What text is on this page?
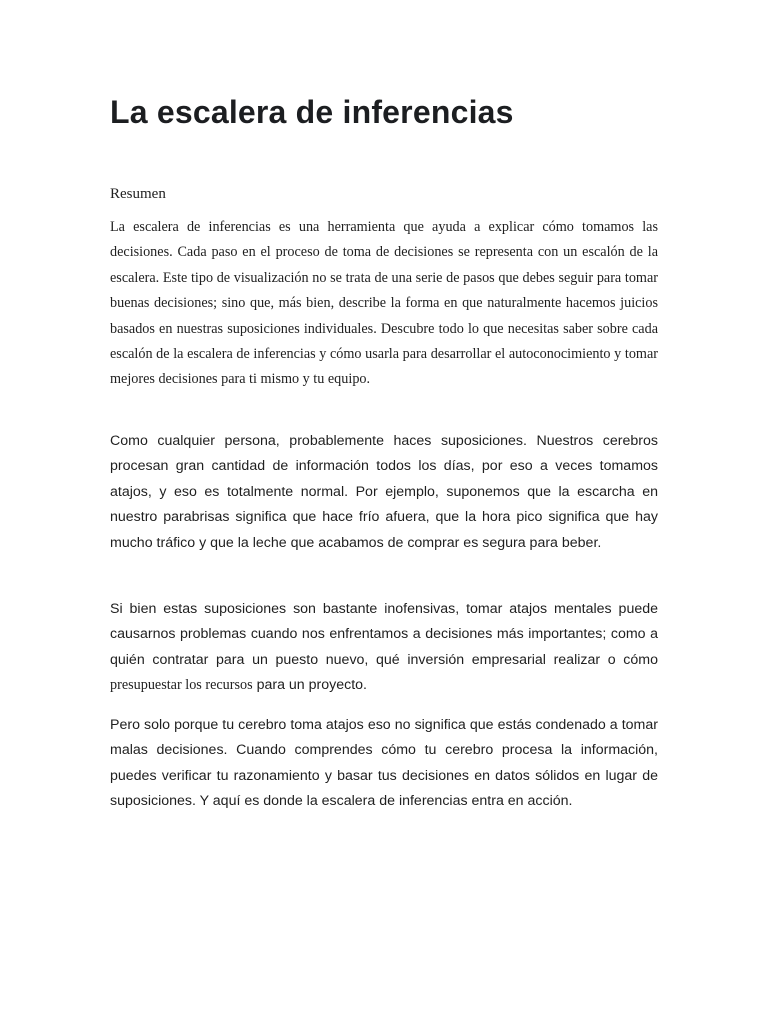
La escalera de inferencias

Resumen

La escalera de inferencias es una herramienta que ayuda a explicar cómo tomamos las decisiones. Cada paso en el proceso de toma de decisiones se representa con un escalón de la escalera. Este tipo de visualización no se trata de una serie de pasos que debes seguir para tomar buenas decisiones; sino que, más bien, describe la forma en que naturalmente hacemos juicios basados en nuestras suposiciones individuales. Descubre todo lo que necesitas saber sobre cada escalón de la escalera de inferencias y cómo usarla para desarrollar el autoconocimiento y tomar mejores decisiones para ti mismo y tu equipo.

Como cualquier persona, probablemente haces suposiciones. Nuestros cerebros procesan gran cantidad de información todos los días, por eso a veces tomamos atajos, y eso es totalmente normal. Por ejemplo, suponemos que la escarcha en nuestro parabrisas significa que hace frío afuera, que la hora pico significa que hay mucho tráfico y que la leche que acabamos de comprar es segura para beber.

Si bien estas suposiciones son bastante inofensivas, tomar atajos mentales puede causarnos problemas cuando nos enfrentamos a decisiones más importantes; como a quién contratar para un puesto nuevo, qué inversión empresarial realizar o cómo presupuestar los recursos para un proyecto.

Pero solo porque tu cerebro toma atajos eso no significa que estás condenado a tomar malas decisiones. Cuando comprendes cómo tu cerebro procesa la información, puedes verificar tu razonamiento y basar tus decisiones en datos sólidos en lugar de suposiciones. Y aquí es donde la escalera de inferencias entra en acción.
